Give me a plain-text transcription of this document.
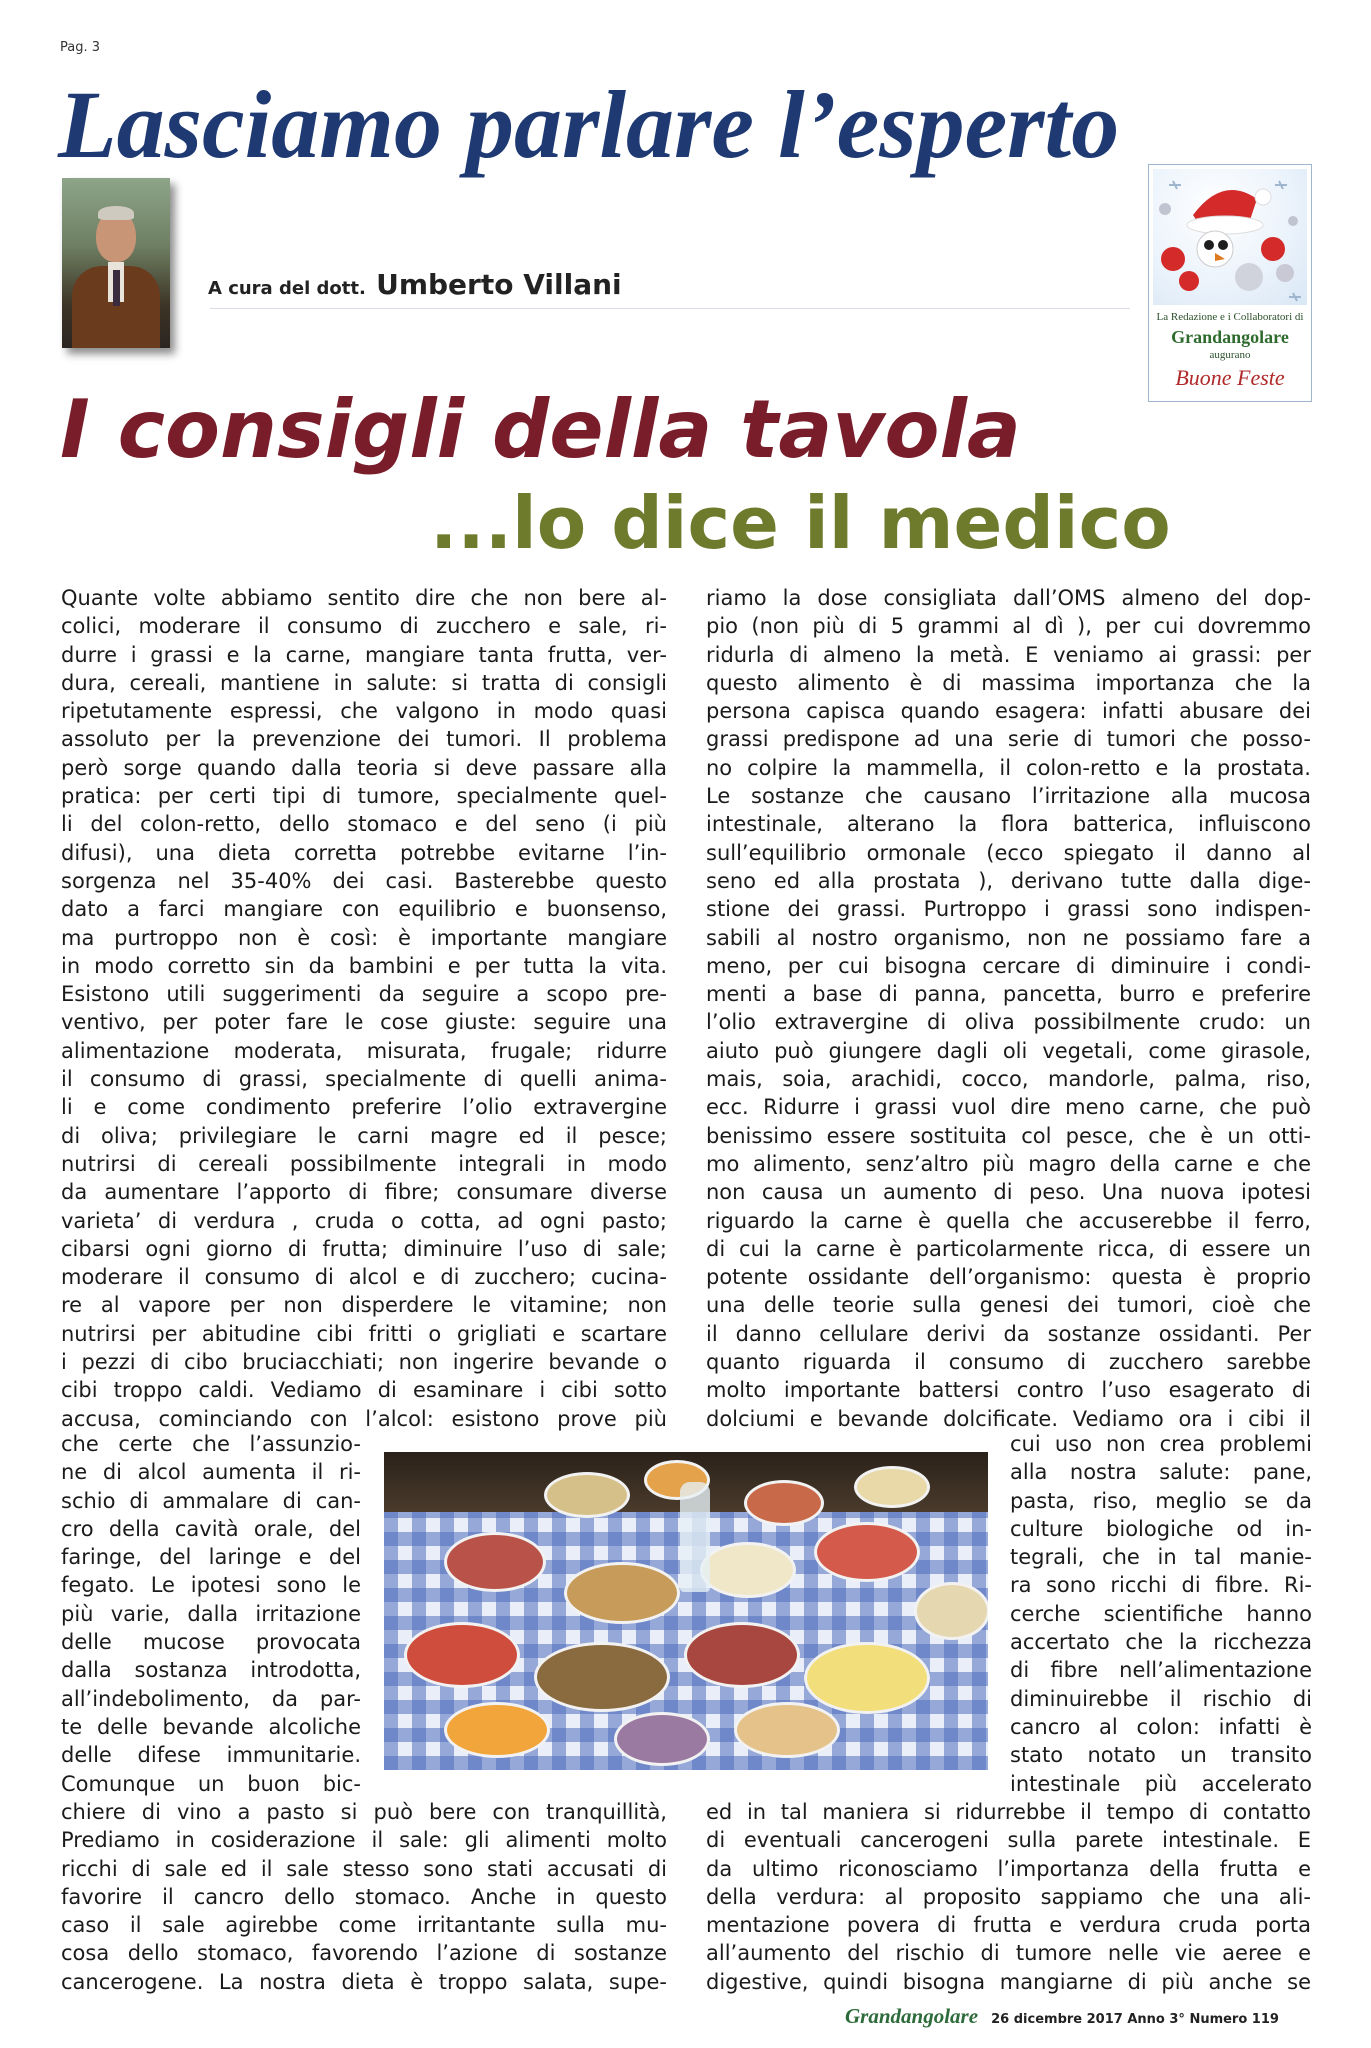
Pag. 3
Lasciamo parlare l’esperto
A cura del dott. Umberto Villani
La Redazione e i Collaboratori di
Grandangolare
augurano
Buone Feste
I consigli della tavola
...lo dice il medico
Quante volte abbiamo sentito dire che non bere al-
colici, moderare il consumo di zucchero e sale, ri-
durre i grassi e la carne, mangiare tanta frutta, ver-
dura, cereali, mantiene in salute: si tratta di consigli
ripetutamente espressi, che valgono in modo quasi
assoluto per la prevenzione dei tumori. Il problema
però sorge quando dalla teoria si deve passare alla
pratica: per certi tipi di tumore, specialmente quel-
li del colon-retto, dello stomaco e del seno (i più
difusi), una dieta corretta potrebbe evitarne l’in-
sorgenza nel 35-40% dei casi. Basterebbe questo
dato a farci mangiare con equilibrio e buonsenso,
ma purtroppo non è così: è importante mangiare
in modo corretto sin da bambini e per tutta la vita.
Esistono utili suggerimenti da seguire a scopo pre-
ventivo, per poter fare le cose giuste: seguire una
alimentazione moderata, misurata, frugale; ridurre
il consumo di grassi, specialmente di quelli anima-
li e come condimento preferire l’olio extravergine
di oliva; privilegiare le carni magre ed il pesce;
nutrirsi di cereali possibilmente integrali in modo
da aumentare l’apporto di fibre; consumare diverse
varieta’ di verdura , cruda o cotta, ad ogni pasto;
cibarsi ogni giorno di frutta; diminuire l’uso di sale;
moderare il consumo di alcol e di zucchero; cucina-
re al vapore per non disperdere le vitamine; non
nutrirsi per abitudine cibi fritti o grigliati e scartare
i pezzi di cibo bruciacchiati; non ingerire bevande o
cibi troppo caldi. Vediamo di esaminare i cibi sotto
accusa, cominciando con l’alcol: esistono prove più
riamo la dose consigliata dall’OMS almeno del dop-
pio (non più di 5 grammi al dì ), per cui dovremmo
ridurla di almeno la metà. E veniamo ai grassi: per
questo alimento è di massima importanza che la
persona capisca quando esagera: infatti abusare dei
grassi predispone ad una serie di tumori che posso-
no colpire la mammella, il colon-retto e la prostata.
Le sostanze che causano l’irritazione alla mucosa
intestinale, alterano la flora batterica, influiscono
sull’equilibrio ormonale (ecco spiegato il danno al
seno ed alla prostata ), derivano tutte dalla dige-
stione dei grassi. Purtroppo i grassi sono indispen-
sabili al nostro organismo, non ne possiamo fare a
meno, per cui bisogna cercare di diminuire i condi-
menti a base di panna, pancetta, burro e preferire
l’olio extravergine di oliva possibilmente crudo: un
aiuto può giungere dagli oli vegetali, come girasole,
mais, soia, arachidi, cocco, mandorle, palma, riso,
ecc. Ridurre i grassi vuol dire meno carne, che può
benissimo essere sostituita col pesce, che è un otti-
mo alimento, senz’altro più magro della carne e che
non causa un aumento di peso. Una nuova ipotesi
riguardo la carne è quella che accuserebbe il ferro,
di cui la carne è particolarmente ricca, di essere un
potente ossidante dell’organismo: questa è proprio
una delle teorie sulla genesi dei tumori, cioè che
il danno cellulare derivi da sostanze ossidanti. Per
quanto riguarda il consumo di zucchero sarebbe
molto importante battersi contro l’uso esagerato di
dolciumi e bevande dolcificate. Vediamo ora i cibi il
che certe che l’assunzio-
ne di alcol aumenta il ri-
schio di ammalare di can-
cro della cavità orale, del
faringe, del laringe e del
fegato. Le ipotesi sono le
più varie, dalla irritazione
delle mucose provocata
dalla sostanza introdotta,
all’indebolimento, da par-
te delle bevande alcoliche
delle difese immunitarie.
Comunque un buon bic-
cui uso non crea problemi
alla nostra salute: pane,
pasta, riso, meglio se da
culture biologiche od in-
tegrali, che in tal manie-
ra sono ricchi di fibre. Ri-
cerche scientifiche hanno
accertato che la ricchezza
di fibre nell’alimentazione
diminuirebbe il rischio di
cancro al colon: infatti è
stato notato un transito
intestinale più accelerato
chiere di vino a pasto si può bere con tranquillità,
Prediamo in cosiderazione il sale: gli alimenti molto
ricchi di sale ed il sale stesso sono stati accusati di
favorire il cancro dello stomaco. Anche in questo
caso il sale agirebbe come irritantante sulla mu-
cosa dello stomaco, favorendo l’azione di sostanze
cancerogene. La nostra dieta è troppo salata, supe-
ed in tal maniera si ridurrebbe il tempo di contatto
di eventuali cancerogeni sulla parete intestinale. E
da ultimo riconosciamo l’importanza della frutta e
della verdura: al proposito sappiamo che una ali-
mentazione povera di frutta e verdura cruda porta
all’aumento del rischio di tumore nelle vie aeree e
digestive, quindi bisogna mangiarne di più anche se
Grandangolare 26 dicembre 2017 Anno 3° Numero 119
